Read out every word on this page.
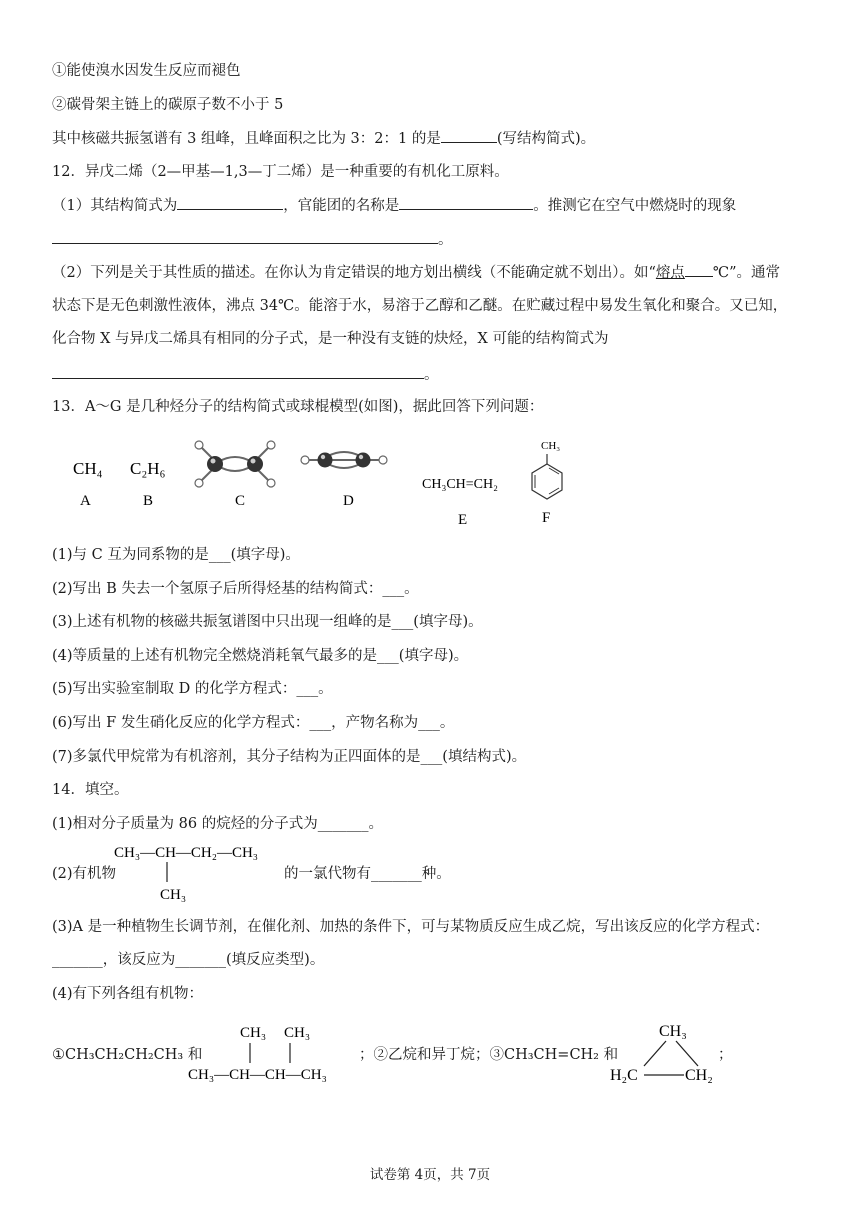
①能使溴水因发生反应而褪色
②碳骨架主链上的碳原子数不小于 5
其中核磁共振氢谱有 3 组峰，且峰面积之比为 3：2：1 的是	(写结构简式)。
12．异戊二烯（2—甲基—1,3—丁二烯）是一种重要的有机化工原料。
（1）其结构简式为	，官能团的名称是	。推测它在空气中燃烧时的现象
。
（2）下列是关于其性质的描述。在你认为肯定错误的地方划出横线（不能确定就不划出）。如“熔点 ℃”。通常
状态下是无色刺激性液体，沸点 34℃。能溶于水，易溶于乙醇和乙醚。在贮藏过程中易发生氧化和聚合。又已知，
化合物 X 与异戊二烯具有相同的分子式，是一种没有支链的炔烃，X 可能的结构简式为
。
13．A～G 是几种烃分子的结构简式或球棍模型(如图)，据此回答下列问题：
CH₄
A
C₂H₆
B	C	D
CH₃CH=CH₂
E
CH₃
F
(1)与 C 互为同系物的是___(填字母)。
(2)写出 B 失去一个氢原子后所得烃基的结构简式：___。
(3)上述有机物的核磁共振氢谱图中只出现一组峰的是___(填字母)。
(4)等质量的上述有机物完全燃烧消耗氧气最多的是___(填字母)。
(5)写出实验室制取 D 的化学方程式：___。
(6)写出 F 发生硝化反应的化学方程式：___，产物名称为___。
(7)多氯代甲烷常为有机溶剂，其分子结构为正四面体的是___(填结构式)。
14．填空。
(1)相对分子质量为 86 的烷烃的分子式为_______。
(2)有机物
CH₃—CH—CH₂—CH₃
CH₃
的一氯代物有_______种。
(3)A 是一种植物生长调节剂，在催化剂、加热的条件下，可与某物质反应生成乙烷，写出该反应的化学方程式：
_______，该反应为_______(填反应类型)。
(4)有下列各组有机物：
①CH₃CH₂CH₂CH₃ 和
CH₃ CH₃
CH₃—CH—CH—CH₃
；②乙烷和异丁烷；③CH₃CH=CH₂ 和
CH₃
H₂C	CH₂
；
试卷第 4页，共 7页
